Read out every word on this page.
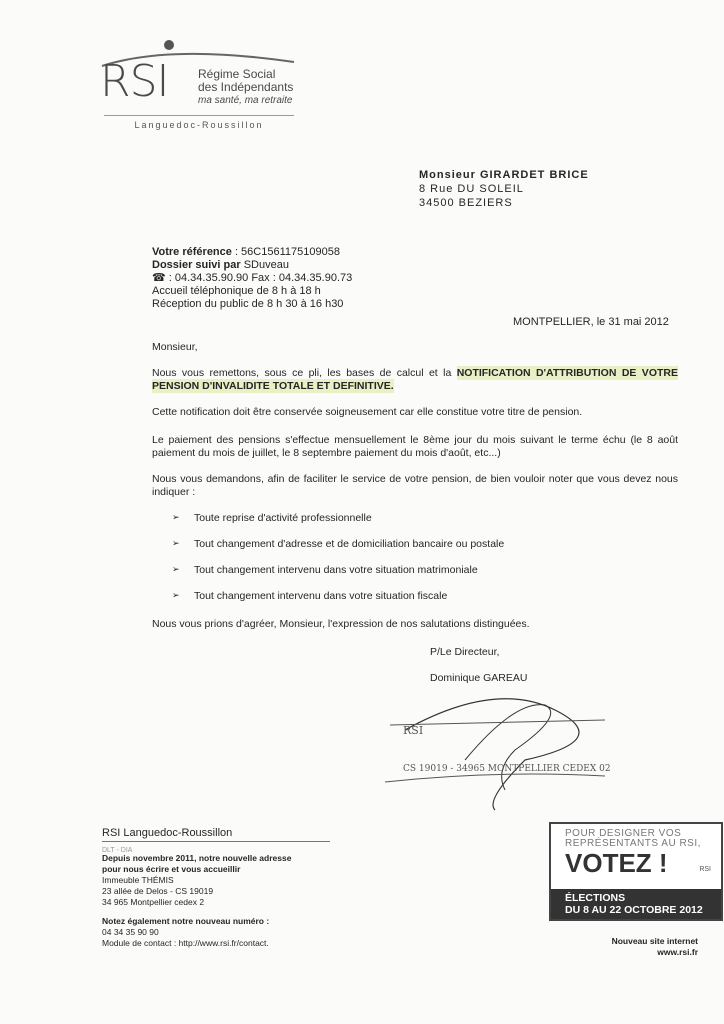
RSI Régime Social
des Indépendants
ma santé, ma retraite
Languedoc-Roussillon
Monsieur GIRARDET BRICE
8 Rue DU SOLEIL
34500 BEZIERS
Votre référence : 56C1561175109058
Dossier suivi par SDuveau
☎ : 04.34.35.90.90 Fax : 04.34.35.90.73
Accueil téléphonique de 8 h à 18 h
Réception du public de 8 h 30 à 16 h30
MONTPELLIER, le 31 mai 2012
Monsieur,
Nous vous remettons, sous ce pli, les bases de calcul et la NOTIFICATION D'ATTRIBUTION DE VOTRE PENSION D'INVALIDITE TOTALE ET DEFINITIVE.
Cette notification doit être conservée soigneusement car elle constitue votre titre de pension.
Le paiement des pensions s'effectue mensuellement le 8ème jour du mois suivant le terme échu (le 8 août paiement du mois de juillet, le 8 septembre paiement du mois d'août, etc...)
Nous vous demandons, afin de faciliter le service de votre pension, de bien vouloir noter que vous devez nous indiquer :
➢	Toute reprise d'activité professionnelle
➢	Tout changement d'adresse et de domiciliation bancaire ou postale
➢	Tout changement intervenu dans votre situation matrimoniale
➢	Tout changement intervenu dans votre situation fiscale
Nous vous prions d'agréer, Monsieur, l'expression de nos salutations distinguées.
P/Le Directeur,
Dominique GAREAU
RSI
CS 19019 - 34965 MONTPELLIER CEDEX 02
RSI Languedoc-Roussillon
DLT - DIA
Depuis novembre 2011, notre nouvelle adresse pour nous écrire et vous accueillir
Immeuble THÉMIS
23 allée de Delos - CS 19019
34 965 Montpellier cedex 2
Notez également notre nouveau numéro :
04 34 35 90 90
Module de contact : http://www.rsi.fr/contact.
POUR DESIGNER VOS
REPRÉSENTANTS AU RSI,
VOTEZ !	RSI
ÉLECTIONS
DU 8 AU 22 OCTOBRE 2012
Nouveau site internet
www.rsi.fr
